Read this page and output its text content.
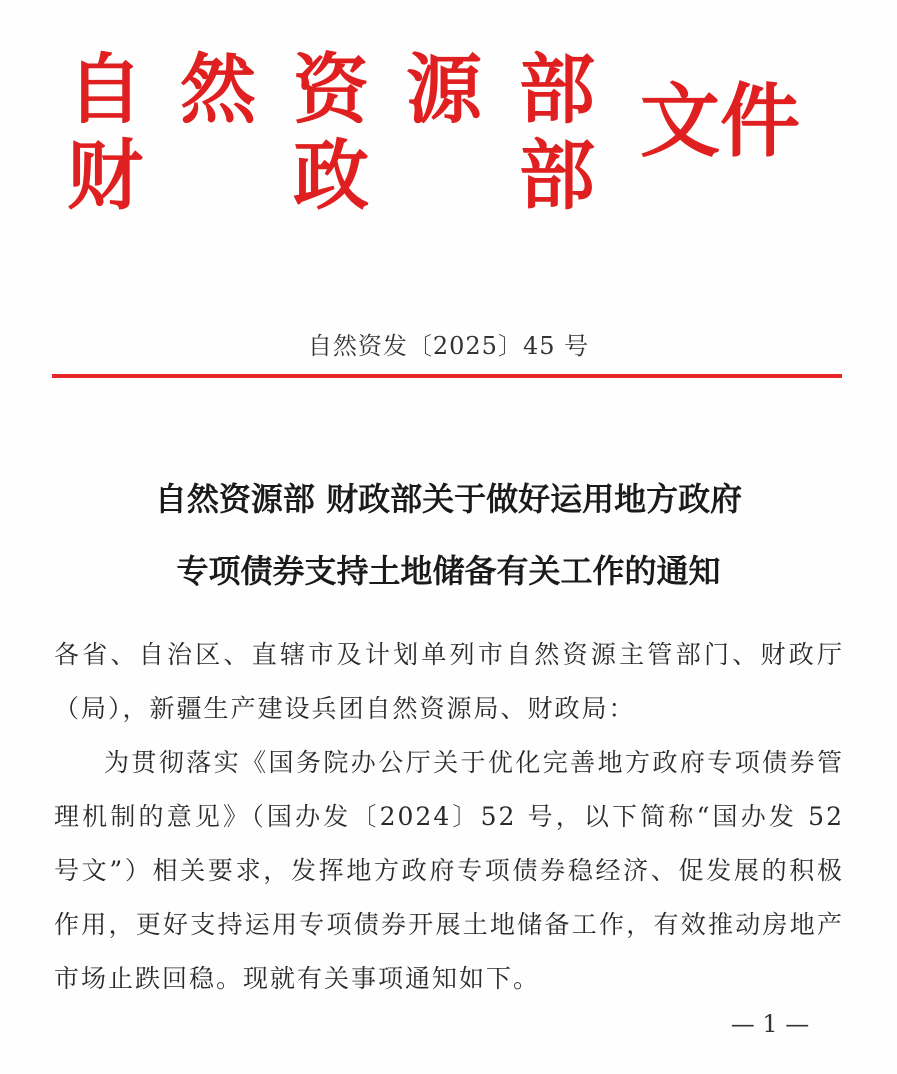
自 然 资 源 部
财 政 部
文件
自然资发〔2025〕45 号
自然资源部 财政部关于做好运用地方政府
专项债券支持土地储备有关工作的通知

各省、自治区、直辖市及计划单列市自然资源主管部门、财政厅（局），新疆生产建设兵团自然资源局、财政局：

为贯彻落实《国务院办公厅关于优化完善地方政府专项债券管理机制的意见》（国办发〔2024〕52 号，以下简称“国办发 52 号文”）相关要求，发挥地方政府专项债券稳经济、促发展的积极作用，更好支持运用专项债券开展土地储备工作，有效推动房地产市场止跌回稳。现就有关事项通知如下。

— 1 —
